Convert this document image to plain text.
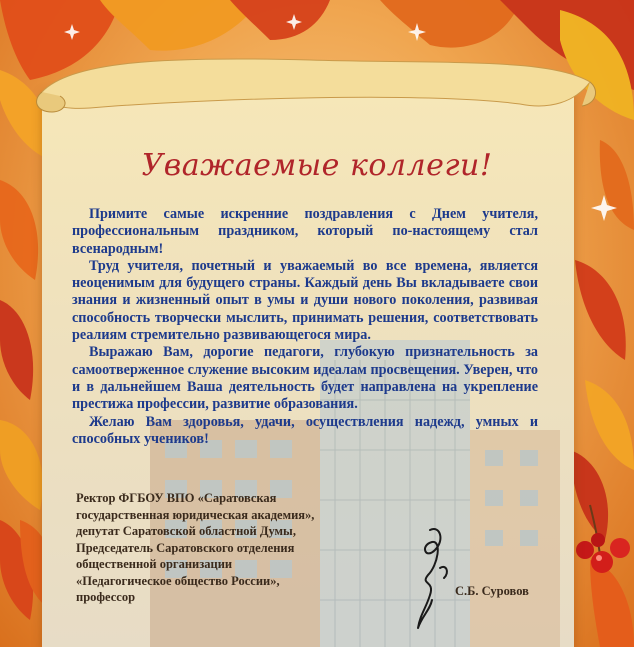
Уважаемые коллеги!

Примите самые искренние поздравления с Днем учителя, профессиональным праздником, который по-настоящему стал всенародным!

Труд учителя, почетный и уважаемый во все времена, является неоценимым для будущего страны. Каждый день Вы вкладываете свои знания и жизненный опыт в умы и души нового поколения, развивая способность творчески мыслить, принимать решения, соответствовать реалиям стремительно развивающегося мира.

Выражаю Вам, дорогие педагоги, глубокую признательность за самоотверженное служение высоким идеалам просвещения. Уверен, что и в дальнейшем Ваша деятельность будет направлена на укрепление престижа профессии, развитие образования.

Желаю Вам здоровья, удачи, осуществления надежд, умных и способных учеников!

Ректор ФГБОУ ВПО «Саратовская
государственная юридическая академия»,
депутат Саратовской областной Думы,
Председатель Саратовского отделения
общественной организации
«Педагогическое общество России»,
профессор	С.Б. Суровов
